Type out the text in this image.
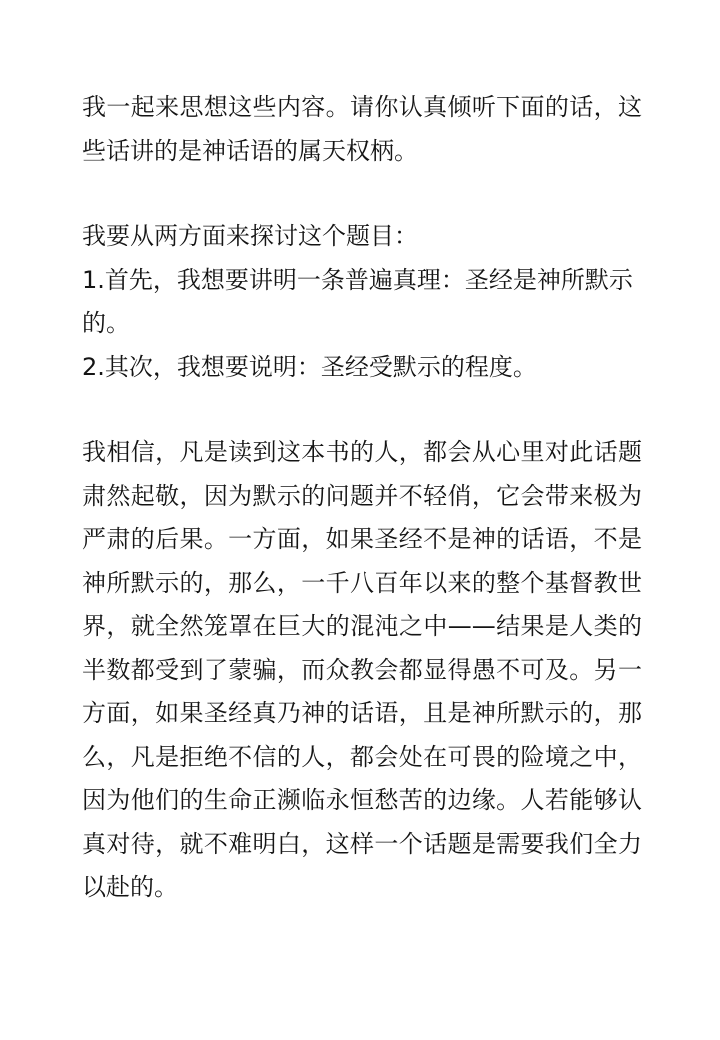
我一起来思想这些内容。请你认真倾听下面的话，这些话讲的是神话语的属天权柄。

我要从两方面来探讨这个题目：

1.首先，我想要讲明一条普遍真理：圣经是神所默示的。

2.其次，我想要说明：圣经受默示的程度。

我相信，凡是读到这本书的人，都会从心里对此话题肃然起敬，因为默示的问题并不轻俏，它会带来极为严肃的后果。一方面，如果圣经不是神的话语，不是神所默示的，那么，一千八百年以来的整个基督教世界，就全然笼罩在巨大的混沌之中——结果是人类的半数都受到了蒙骗，而众教会都显得愚不可及。另一方面，如果圣经真乃神的话语，且是神所默示的，那么，凡是拒绝不信的人，都会处在可畏的险境之中，因为他们的生命正濒临永恒愁苦的边缘。人若能够认真对待，就不难明白，这样一个话题是需要我们全力以赴的。
